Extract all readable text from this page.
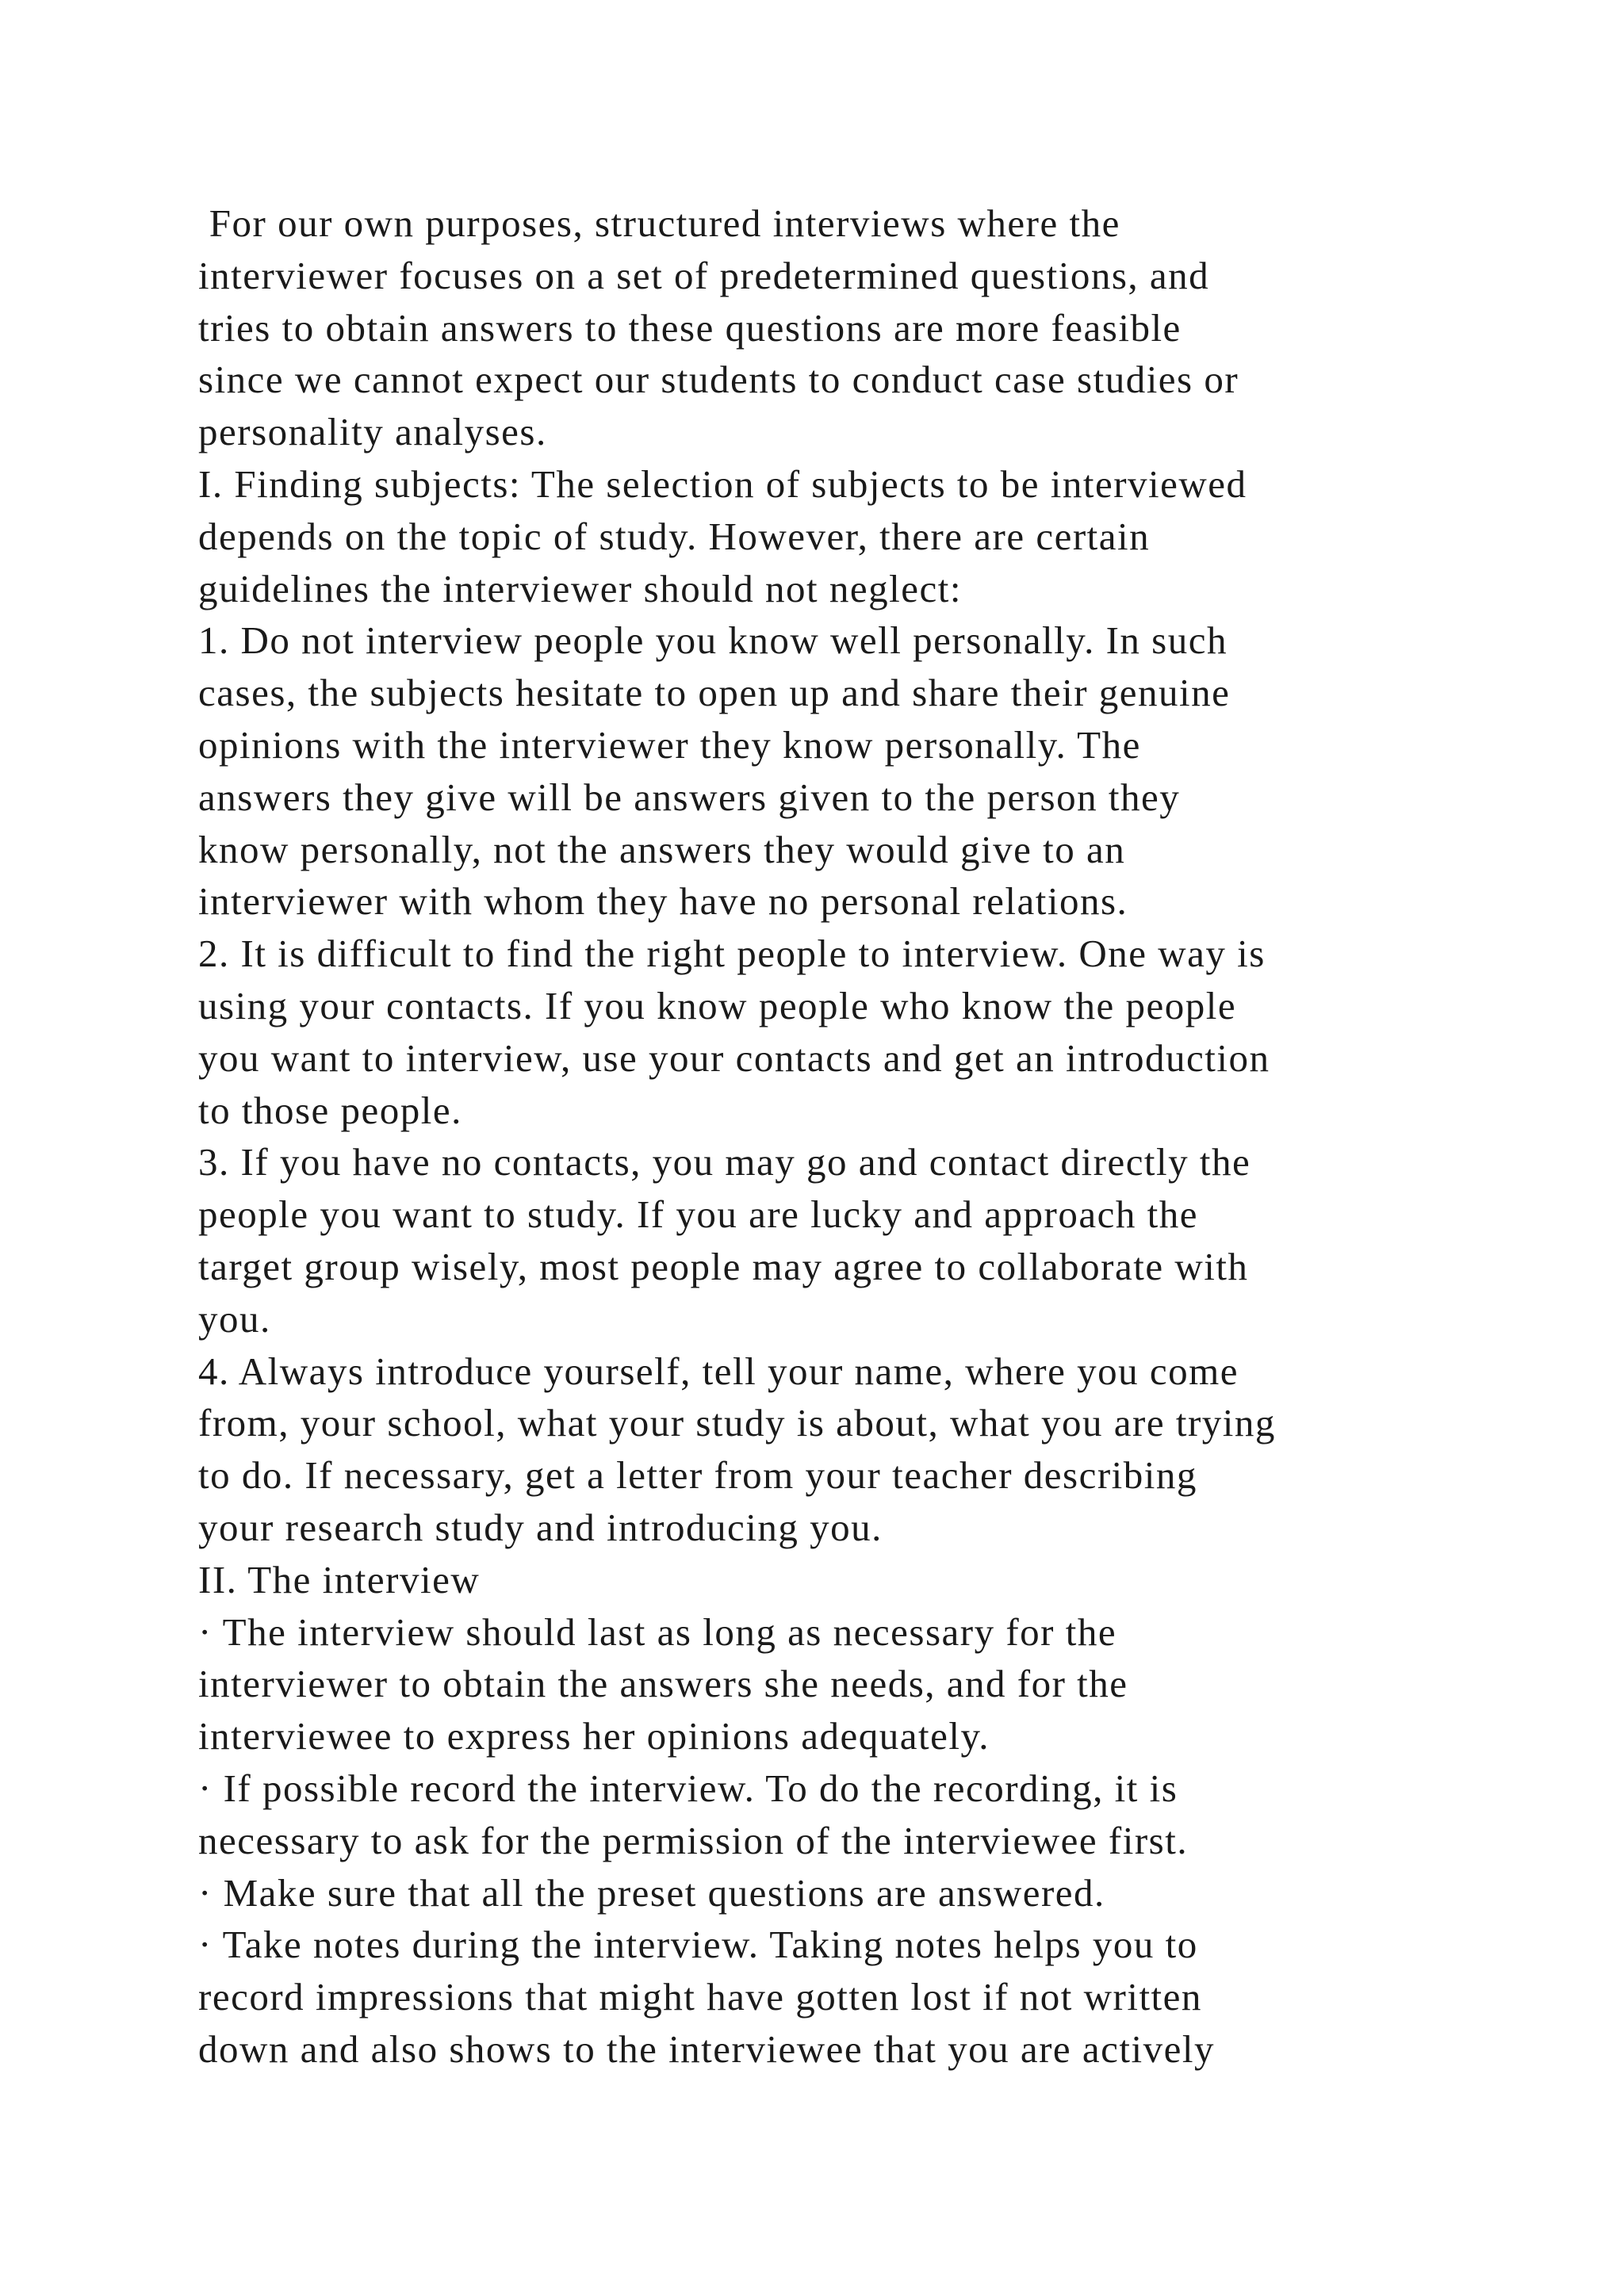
For our own purposes, structured interviews where the
interviewer focuses on a set of predetermined questions, and
tries to obtain answers to these questions are more feasible
since we cannot expect our students to conduct case studies or
personality analyses.
I. Finding subjects: The selection of subjects to be interviewed
depends on the topic of study. However, there are certain
guidelines the interviewer should not neglect:
1. Do not interview people you know well personally. In such
cases, the subjects hesitate to open up and share their genuine
opinions with the interviewer they know personally. The
answers they give will be answers given to the person they
know personally, not the answers they would give to an
interviewer with whom they have no personal relations.
2. It is difficult to find the right people to interview. One way is
using your contacts. If you know people who know the people
you want to interview, use your contacts and get an introduction
to those people.
3. If you have no contacts, you may go and contact directly the
people you want to study. If you are lucky and approach the
target group wisely, most people may agree to collaborate with
you.
4. Always introduce yourself, tell your name, where you come
from, your school, what your study is about, what you are trying
to do. If necessary, get a letter from your teacher describing
your research study and introducing you.
II. The interview
· The interview should last as long as necessary for the
interviewer to obtain the answers she needs, and for the
interviewee to express her opinions adequately.
· If possible record the interview. To do the recording, it is
necessary to ask for the permission of the interviewee first.
· Make sure that all the preset questions are answered.
· Take notes during the interview. Taking notes helps you to
record impressions that might have gotten lost if not written
down and also shows to the interviewee that you are actively
